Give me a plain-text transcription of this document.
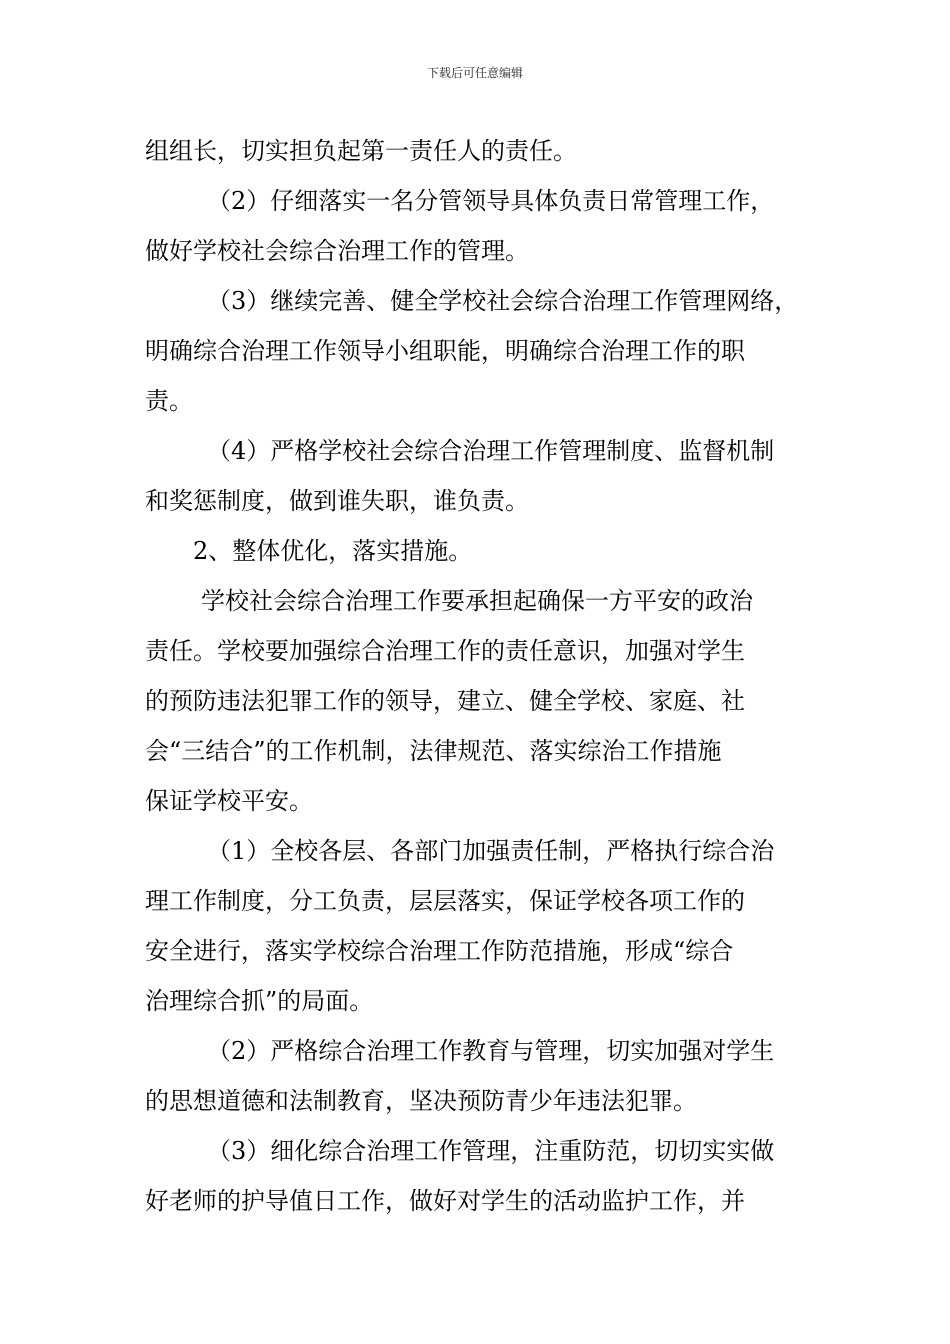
下载后可任意编辑
组组长，切实担负起第一责任人的责任。
（2）仔细落实一名分管领导具体负责日常管理工作，
做好学校社会综合治理工作的管理。
（3）继续完善、健全学校社会综合治理工作管理网络，
明确综合治理工作领导小组职能，明确综合治理工作的职
责。
（4）严格学校社会综合治理工作管理制度、监督机制
和奖惩制度，做到谁失职，谁负责。
2、整体优化，落实措施。
学校社会综合治理工作要承担起确保一方平安的政治
责任。学校要加强综合治理工作的责任意识，加强对学生
的预防违法犯罪工作的领导，建立、健全学校、家庭、社
会“三结合”的工作机制，法律规范、落实综治工作措施
保证学校平安。
（1）全校各层、各部门加强责任制，严格执行综合治
理工作制度，分工负责，层层落实，保证学校各项工作的
安全进行，落实学校综合治理工作防范措施，形成“综合
治理综合抓”的局面。
（2）严格综合治理工作教育与管理，切实加强对学生
的思想道德和法制教育，坚决预防青少年违法犯罪。
（3）细化综合治理工作管理，注重防范，切切实实做
好老师的护导值日工作，做好对学生的活动监护工作，并
